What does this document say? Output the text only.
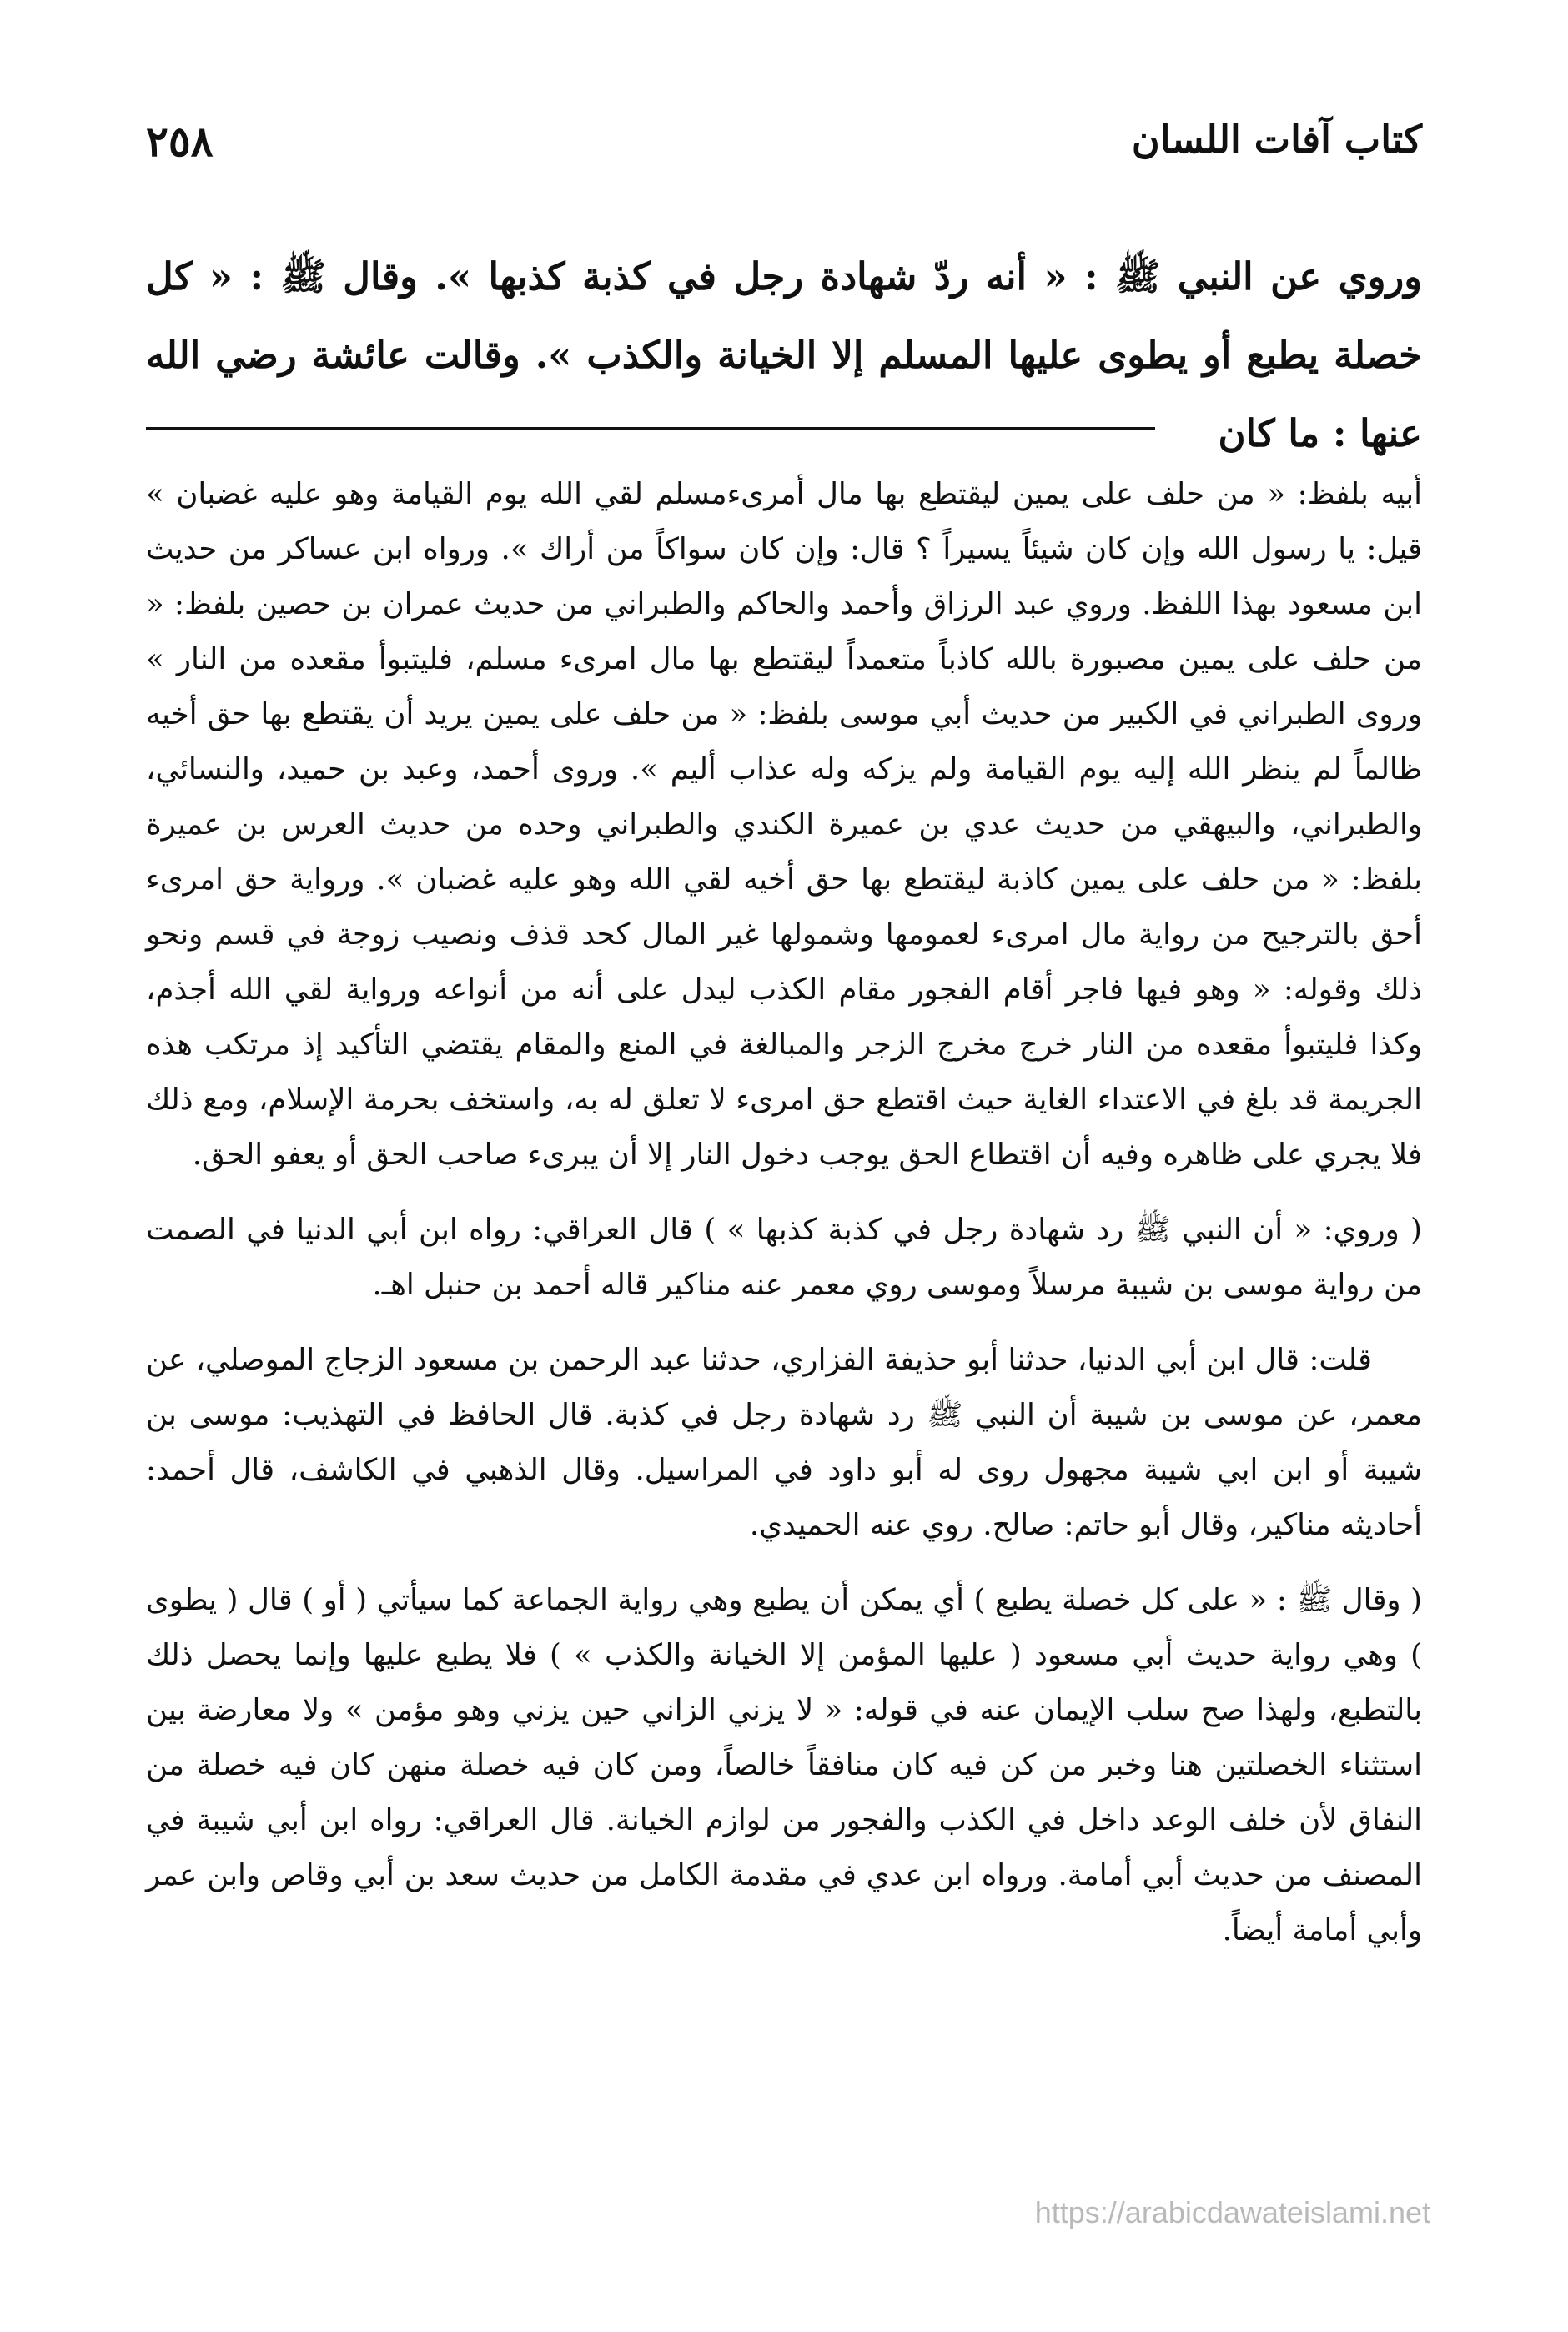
كتاب آفات اللسان
٢٥٨

وروي عن النبي ﷺ : « أنه ردّ شهادة رجل في كذبة كذبها ». وقال ﷺ : « كل خصلة يطبع أو يطوى عليها المسلم إلا الخيانة والكذب ». وقالت عائشة رضي الله عنها : ما كان

أبيه بلفظ: « من حلف على يمين ليقتطع بها مال أمرىءمسلم لقي الله يوم القيامة وهو عليه غضبان » قيل: يا رسول الله وإن كان شيئاً يسيراً ؟ قال: وإن كان سواكاً من أراك ». ورواه ابن عساكر من حديث ابن مسعود بهذا اللفظ. وروي عبد الرزاق وأحمد والحاكم والطبراني من حديث عمران بن حصين بلفظ: « من حلف على يمين مصبورة بالله كاذباً متعمداً ليقتطع بها مال امرىء مسلم، فليتبوأ مقعده من النار » وروى الطبراني في الكبير من حديث أبي موسى بلفظ: « من حلف على يمين يريد أن يقتطع بها حق أخيه ظالماً لم ينظر الله إليه يوم القيامة ولم يزكه وله عذاب أليم ». وروى أحمد، وعبد بن حميد، والنسائي، والطبراني، والبيهقي من حديث عدي بن عميرة الكندي والطبراني وحده من حديث العرس بن عميرة بلفظ: « من حلف على يمين كاذبة ليقتطع بها حق أخيه لقي الله وهو عليه غضبان ». ورواية حق امرىء أحق بالترجيح من رواية مال امرىء لعمومها وشمولها غير المال كحد قذف ونصيب زوجة في قسم ونحو ذلك وقوله: « وهو فيها فاجر أقام الفجور مقام الكذب ليدل على أنه من أنواعه ورواية لقي الله أجذم، وكذا فليتبوأ مقعده من النار خرج مخرج الزجر والمبالغة في المنع والمقام يقتضي التأكيد إذ مرتكب هذه الجريمة قد بلغ في الاعتداء الغاية حيث اقتطع حق امرىء لا تعلق له به، واستخف بحرمة الإسلام، ومع ذلك فلا يجري على ظاهره وفيه أن اقتطاع الحق يوجب دخول النار إلا أن يبرىء صاحب الحق أو يعفو الحق.

( وروي: « أن النبي ﷺ رد شهادة رجل في كذبة كذبها » ) قال العراقي: رواه ابن أبي الدنيا في الصمت من رواية موسى بن شيبة مرسلاً وموسى روي معمر عنه مناكير قاله أحمد بن حنبل اهـ.

قلت: قال ابن أبي الدنيا، حدثنا أبو حذيفة الفزاري، حدثنا عبد الرحمن بن مسعود الزجاج الموصلي، عن معمر، عن موسى بن شيبة أن النبي ﷺ رد شهادة رجل في كذبة. قال الحافظ في التهذيب: موسى بن شيبة أو ابن ابي شيبة مجهول روى له أبو داود في المراسيل. وقال الذهبي في الكاشف، قال أحمد: أحاديثه مناكير، وقال أبو حاتم: صالح. روي عنه الحميدي.

( وقال ﷺ : « على كل خصلة يطبع ) أي يمكن أن يطبع وهي رواية الجماعة كما سيأتي ( أو ) قال ( يطوى ) وهي رواية حديث أبي مسعود ( عليها المؤمن إلا الخيانة والكذب » ) فلا يطبع عليها وإنما يحصل ذلك بالتطبع، ولهذا صح سلب الإيمان عنه في قوله: « لا يزني الزاني حين يزني وهو مؤمن » ولا معارضة بين استثناء الخصلتين هنا وخبر من كن فيه كان منافقاً خالصاً، ومن كان فيه خصلة منهن كان فيه خصلة من النفاق لأن خلف الوعد داخل في الكذب والفجور من لوازم الخيانة. قال العراقي: رواه ابن أبي شيبة في المصنف من حديث أبي أمامة. ورواه ابن عدي في مقدمة الكامل من حديث سعد بن أبي وقاص وابن عمر وأبي أمامة أيضاً.

https://arabicdawateislami.net
